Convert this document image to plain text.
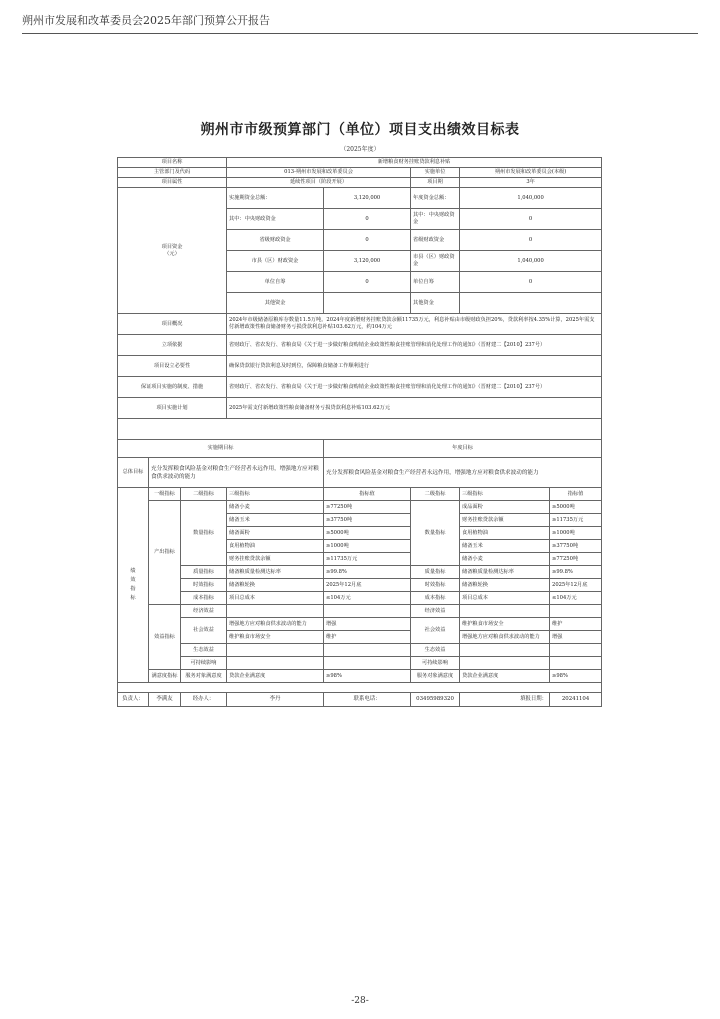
朔州市发展和改革委员会2025年部门预算公开报告
朔州市市级预算部门（单位）项目支出绩效目标表
（2025年度）
项目名称			新增粮食财务挂账贷款利息补贴				
主管部门及代码			013-朔州市发展和改革委员会		实施单位	朔州市发展和改革委员会(本级)	
项目属性			延续性项目（阶段开展）		项目期	3年	
项目资金
（元）			实施期资金总额：	3,120,000	年度资金总额：	1,040,000	
			其中：中央财政资金	0	其中：中央财政资金	0	
			省级财政资金	0	省级财政资金	0	
			市县（区）财政资金	3,120,000	市县（区）财政资金	1,040,000	
			单位自筹	0	单位自筹	0	
			其他资金		其他资金		
项目概况			2024年市级储备原粮库存数量11.5万吨。2024年度新增财务挂账贷款余额11735万元，利息补贴由市级财政负担20%，贷款利率按4.35%计算，2025年需支付新增政策性粮食储备财务亏损贷款利息补贴103.62万元，约104万元				
立项依据			省财政厅、省农发行、省粮食局《关于进一步做好粮食购销企业政策性粮食挂账管理和消化处理工作的通知》（晋财建二【2010】237号）				
项目设立必要性			确保贷款银行贷款利息及时到位，保障粮食储备工作顺利进行				
保证项目实施的制度、措施			省财政厅、省农发行、省粮食局《关于进一步做好粮食购销企业政策性粮食挂账管理和消化处理工作的通知》（晋财建二【2010】237号）				
项目实施计划			2025年需支付新增政策性粮食储备财务亏损贷款利息补贴103.62万元				

实施期目标				年度目标			
总体目标	充分发挥粮食风险基金对粮食生产经营者永远作用，增强地方应对粮食供求波动的能力			充分发挥粮食风险基金对粮食生产经营者永远作用，增强地方应对粮食供求波动的能力			
绩
效
指
标	一级指标	二级指标	三级指标	指标值	二级指标	三级指标	指标值
	产出指标	数量指标	储备小麦	≥77250吨	数量指标	成品面粉	≥5000吨
			储备玉米	≥37750吨		财务挂账贷款余额	≥11735万元
			储备面粉	≥5000吨		食用植物油	≥1000吨
			食用植物油	≥1000吨		储备玉米	≥37750吨
			财务挂账贷款余额	≥11735万元		储备小麦	≥77250吨
		质量指标	储备粮质量检测达标率	≥99.8%	质量指标	储备粮质量检测达标率	≥99.8%
		时效指标	储备粮轮换	2025年12月底	时效指标	储备粮轮换	2025年12月底
		成本指标	项目总成本	≤104万元	成本指标	项目总成本	≤104万元
	效益指标	经济效益			经济效益		
		社会效益	增强地方应对粮食供求波动的能力	增强	社会效益	维护粮食市场安全	维护
			维护粮食市场安全	维护		增强地方应对粮食供求波动的能力	增强
		生态效益			生态效益		
		可持续影响			可持续影响		
	满意度指标	服务对象满意度	贷款企业满意度	≥98%	服务对象满意度	贷款企业满意度	≥98%

负责人：	李满友	经办人：	李丹	联系电话：	03495989320	填报日期：	20241104
-28-
